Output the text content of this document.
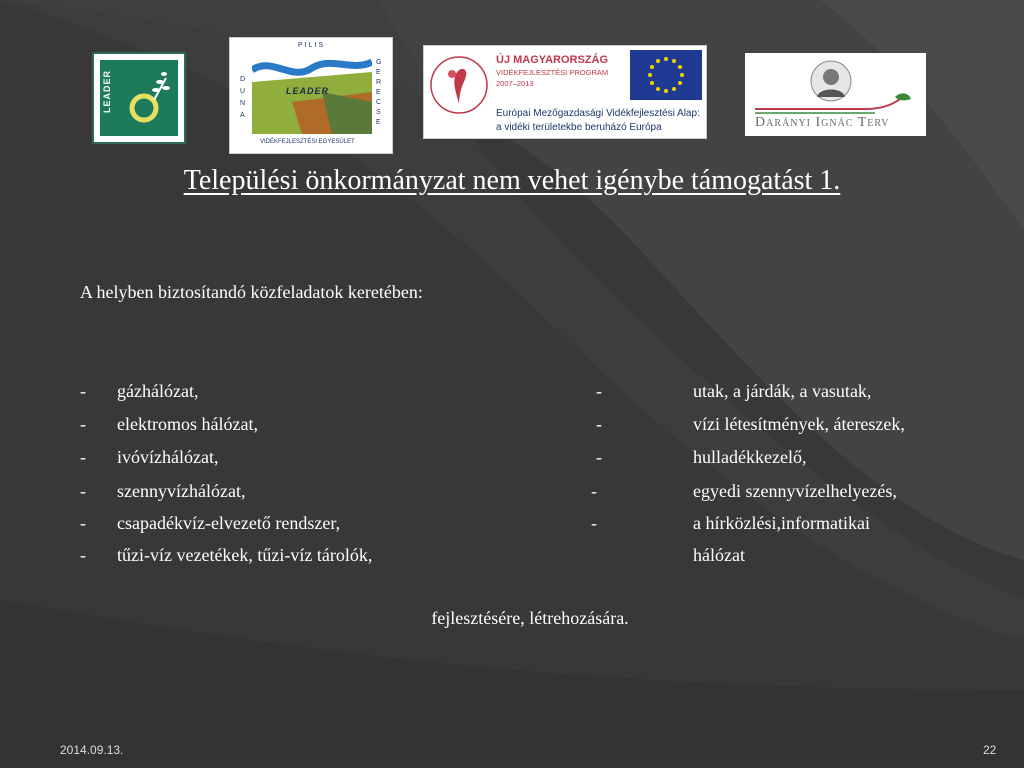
LEADER
PILIS
DUNA
GERECSE
LEADER
VIDÉKFEJLESZTÉSI EGYESÜLET
ÚJ MAGYARORSZÁG
VIDÉKFEJLESZTÉSI PROGRAM
2007–2013
Európai Mezőgazdasági Vidékfejlesztési Alap:
a vidéki területekbe beruházó Európa	Darányi Ignác Terv
Települési önkormányzat nem vehet igénybe támogatást 1.
A helyben biztosítandó közfeladatok keretében:
- gázhálózat,
- elektromos hálózat,
- ivóvízhálózat,
- szennyvízhálózat,
- csapadékvíz-elvezető rendszer,
- tűzi-víz vezetékek, tűzi-víz tárolók,
-	utak, a járdák, a vasutak,
-	vízi létesítmények, átereszek,
-	hulladékkezelő,
-	egyedi szennyvízelhelyezés,
-	a hírközlési,informatikai
hálózat
fejlesztésére, létrehozására.
2014.09.13.	22
